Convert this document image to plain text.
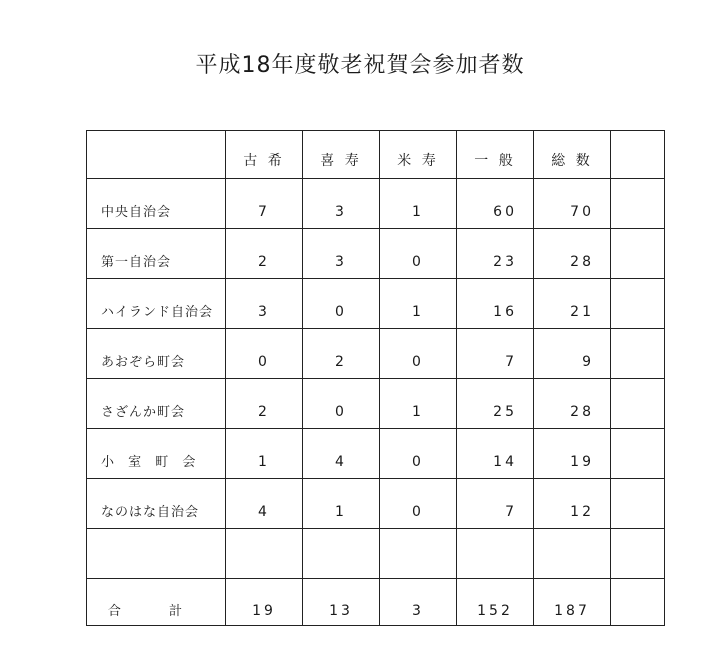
平成18年度敬老祝賀会参加者数
	古 希	喜 寿	米 寿	一 般	総 数	
中央自治会	7	3	1	60	70	
第一自治会	2	3	0	23	28	
ハイランド自治会	3	0	1	16	21	
あおぞら町会	0	2	0	7	9	
さざんか町会	2	0	1	25	28	
小 室 町 会	1	4	0	14	19	
なのはな自治会	4	1	0	7	12	

合 計	19	13	3	152	187	
